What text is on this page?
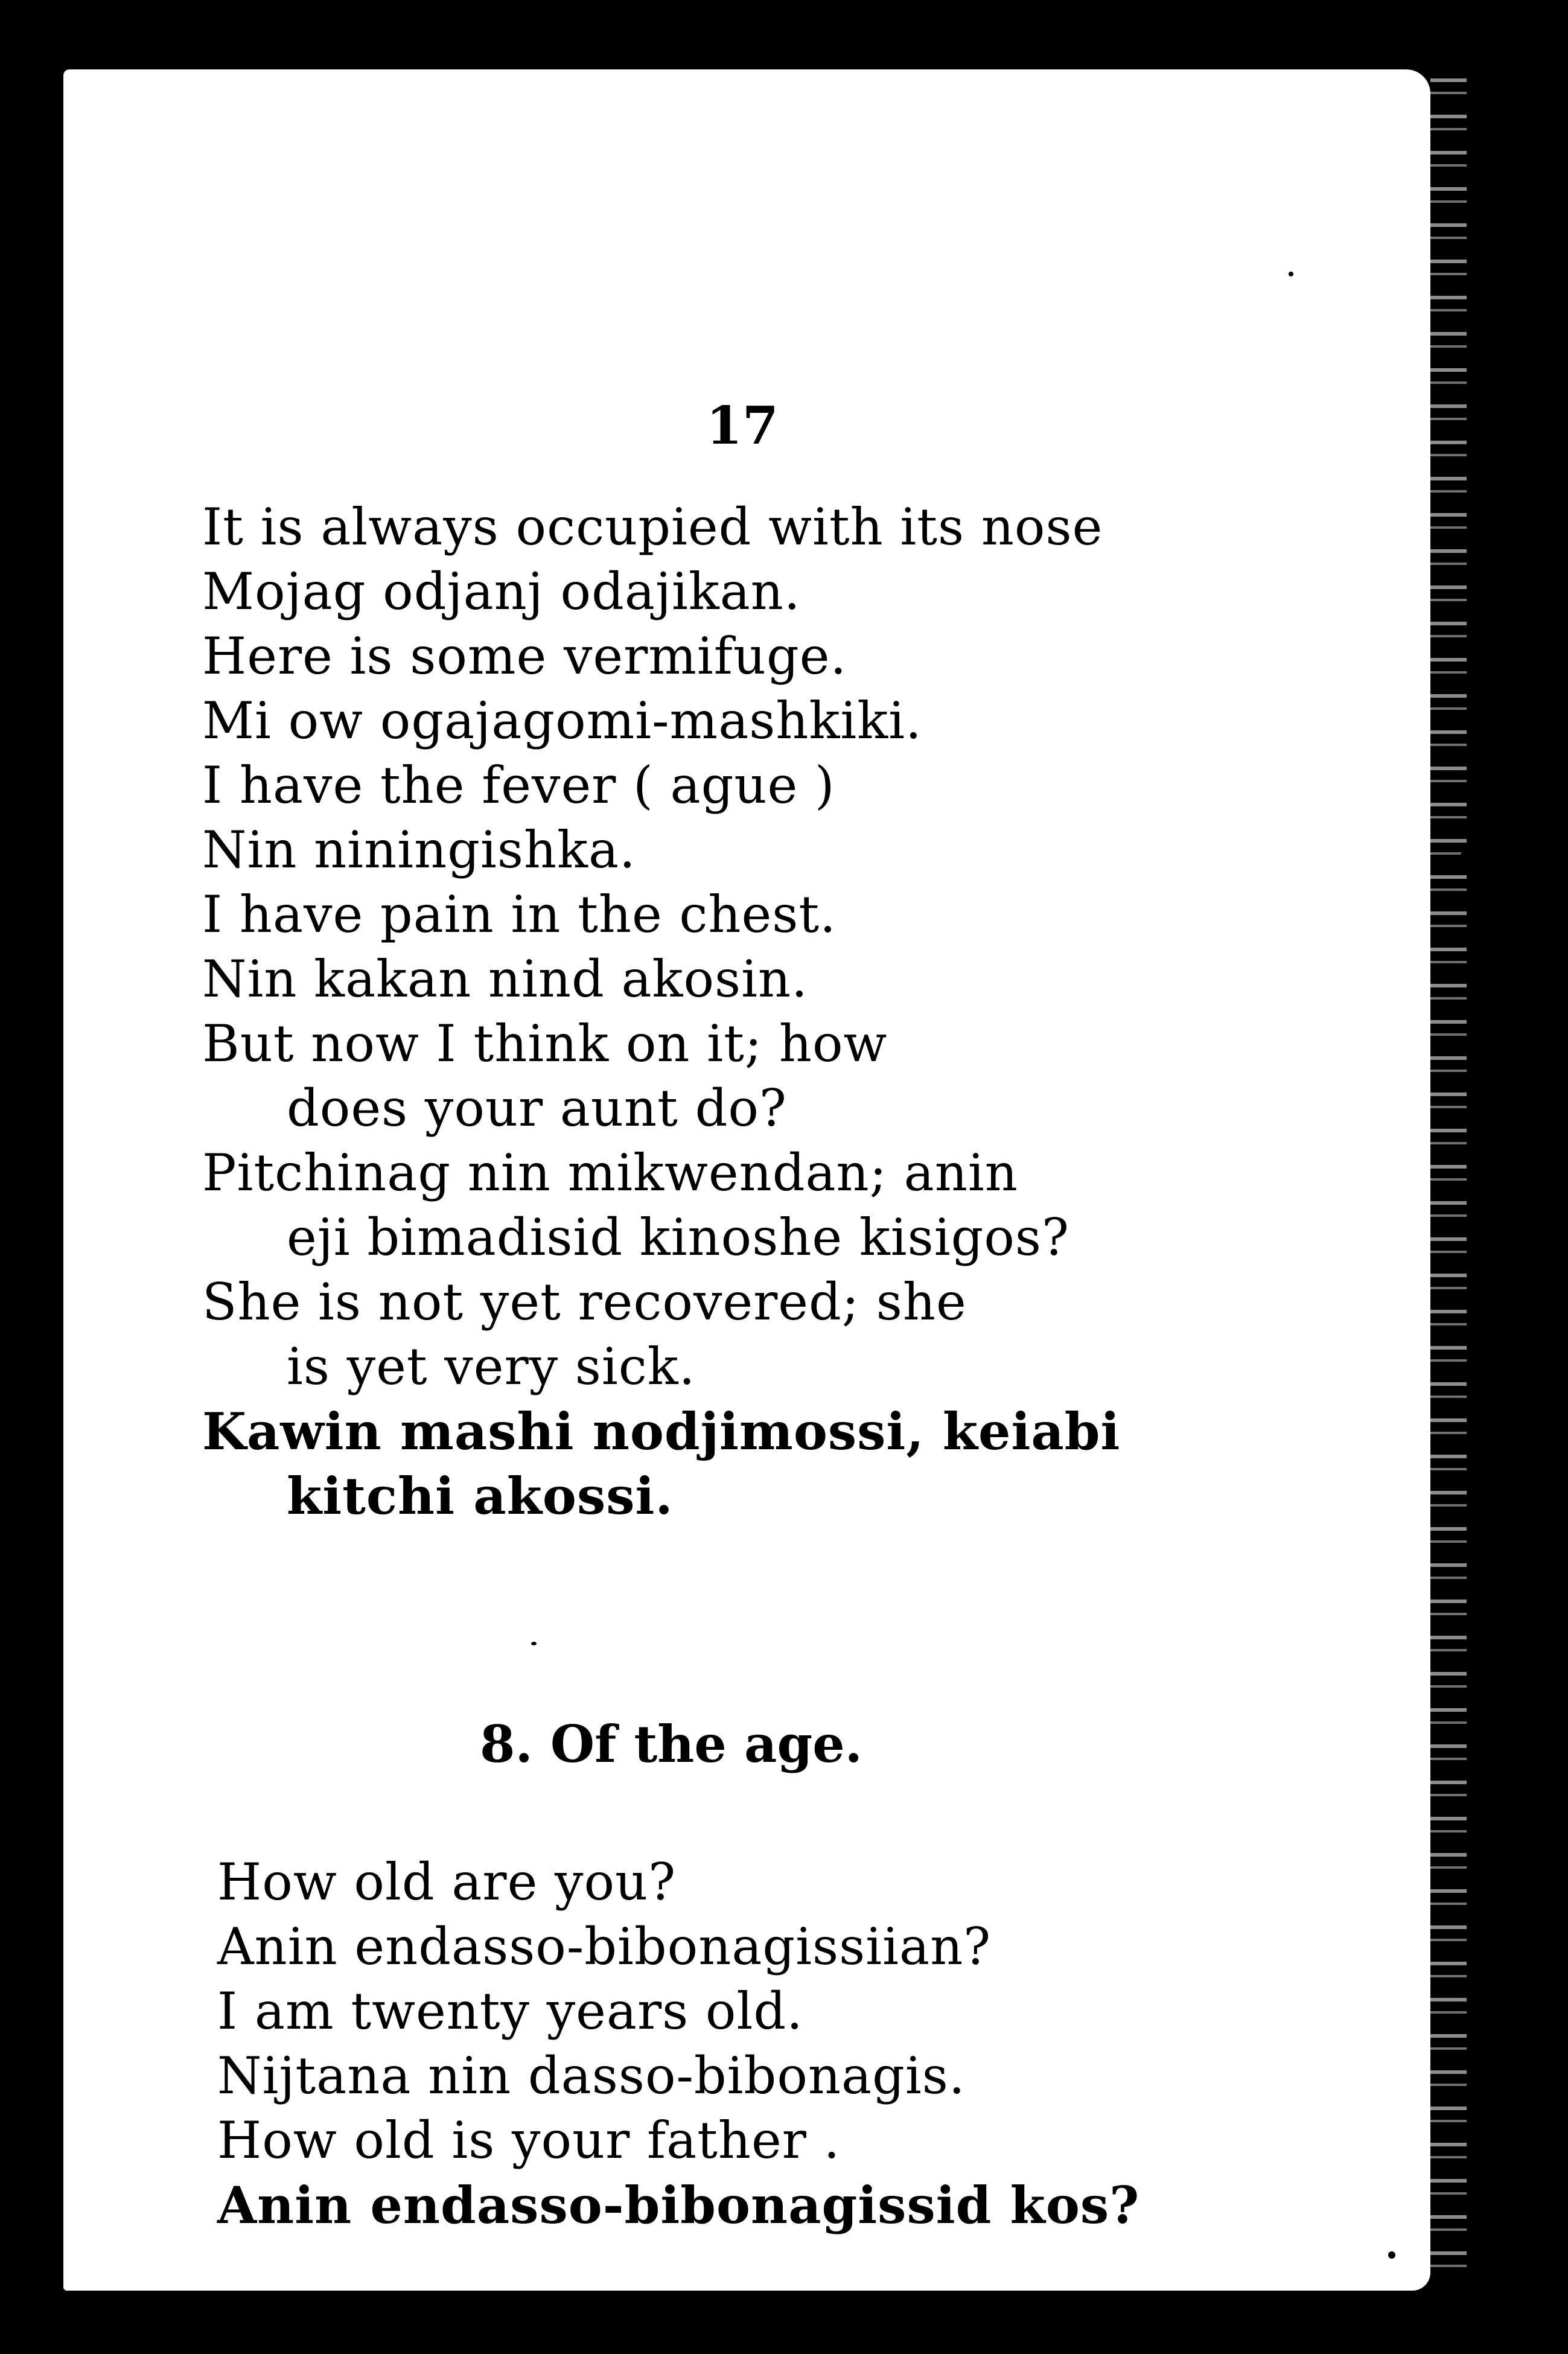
17
It is always occupied with its nose
Mojag odjanj odajikan.
Here is some vermifuge.
Mi ow ogajagomi-mashkiki.
I have the fever ( ague )
Nin niningishka.
I have pain in the chest.
Nin kakan nind akosin.
But now I think on it; how
does your aunt do?
Pitchinag nin mikwendan; anin
eji bimadisid kinoshe kisigos?
She is not yet recovered; she
is yet very sick.
Kawin mashi nodjimossi, keiabi
kitchi akossi.
8. Of the age.
How old are you?
Anin endasso-bibonagissiian?
I am twenty years old.
Nijtana nin dasso-bibonagis.
How old is your father .
Anin endasso-bibonagissid kos?
